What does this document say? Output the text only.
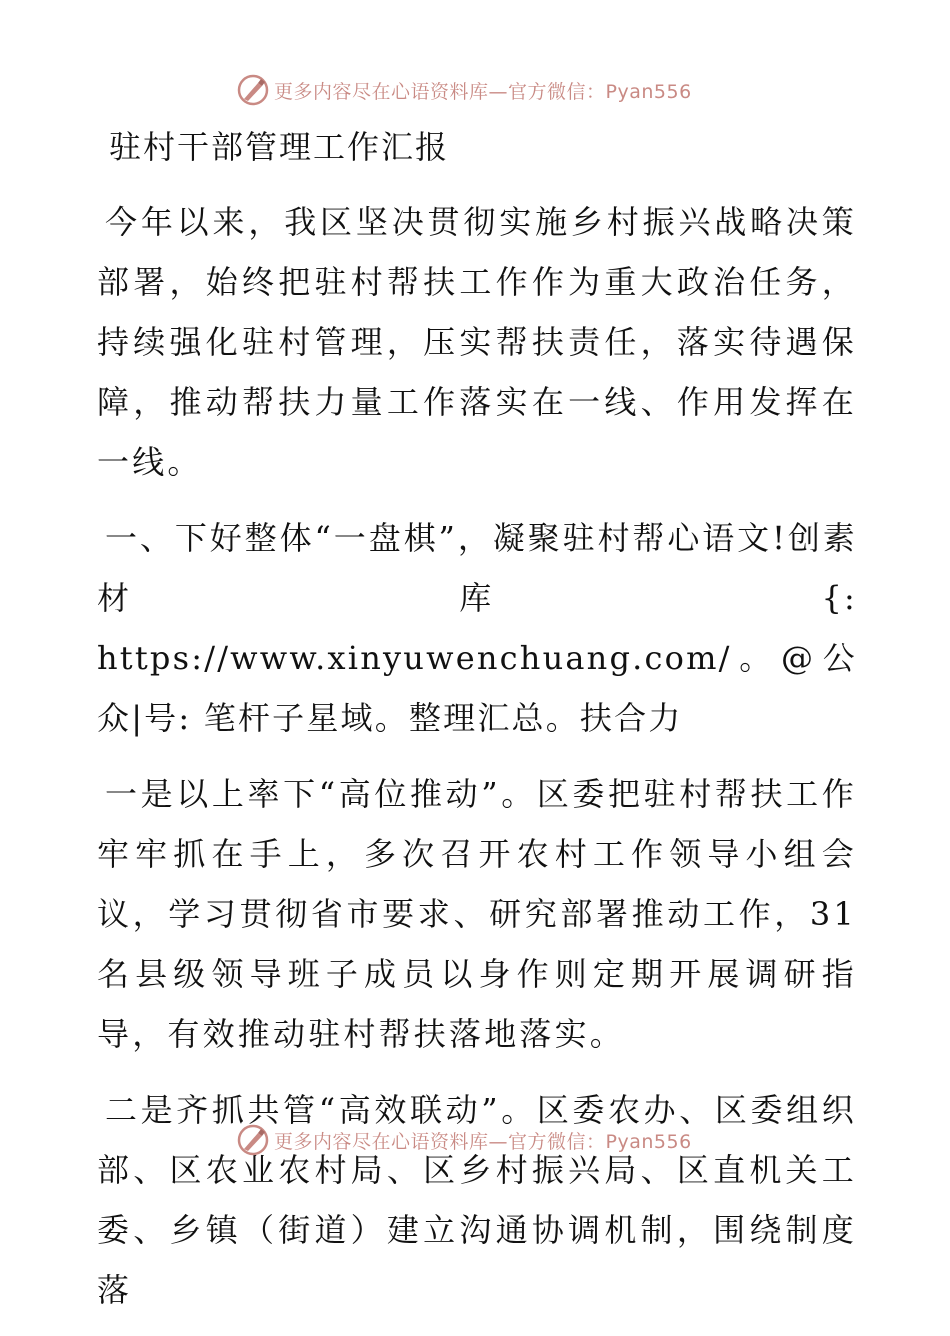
更多内容尽在心语资料库—官方微信：Pyan556
驻村干部管理工作汇报

今年以来，我区坚决贯彻实施乡村振兴战略决策部署，始终把驻村帮扶工作作为重大政治任务，持续强化驻村管理，压实帮扶责任，落实待遇保障，推动帮扶力量工作落实在一线、作用发挥在一线。

一、下好整体“一盘棋”，凝聚驻村帮心语文!创素材库{: https://www.xinyuwenchuang.com/。@公众|号: 笔杆子星域。整理汇总。扶合力

一是以上率下“高位推动”。区委把驻村帮扶工作牢牢抓在手上，多次召开农村工作领导小组会议，学习贯彻省市要求、研究部署推动工作，31名县级领导班子成员以身作则定期开展调研指导，有效推动驻村帮扶落地落实。

二是齐抓共管“高效联动”。区委农办、区委组织部、区农业农村局、区乡村振兴局、区直机关工委、乡镇（街道）建立沟通协调机制，围绕制度落

更多内容尽在心语资料库—官方微信：Pyan556
